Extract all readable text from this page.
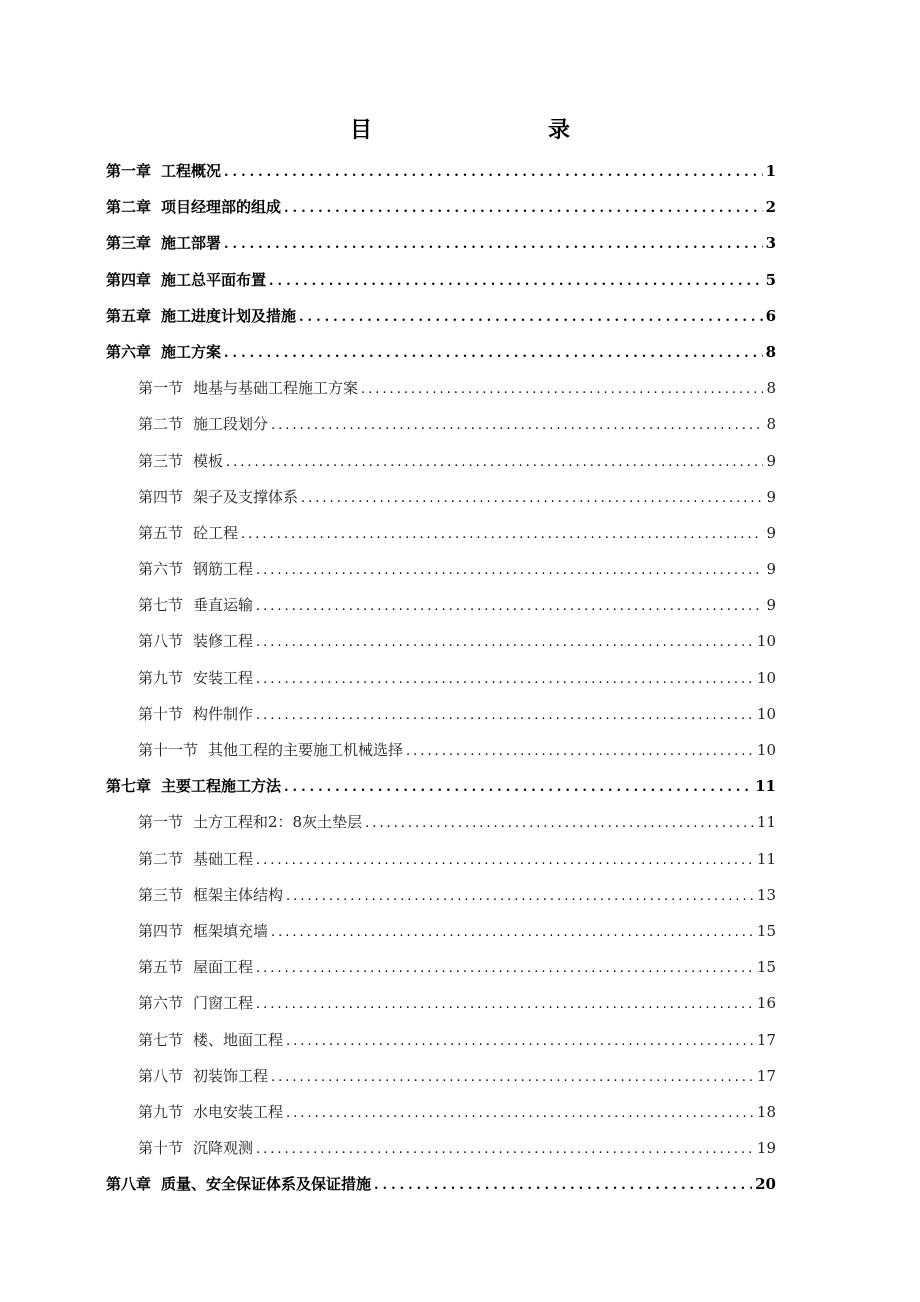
目　　录
第一章 工程概况 .....	1
第二章 项目经理部的组成 .....	2
第三章 施工部署 .....	3
第四章 施工总平面布置 .....	5
第五章 施工进度计划及措施 .....	6
第六章 施工方案 .....	8
第一节 地基与基础工程施工方案 .....	8
第二节 施工段划分 .....	8
第三节 模板 .....	9
第四节 架子及支撑体系 .....	9
第五节 砼工程 .....	9
第六节 钢筋工程 .....	9
第七节 垂直运输 .....	9
第八节 装修工程 .....	10
第九节 安装工程 .....	10
第十节 构件制作 .....	10
第十一节 其他工程的主要施工机械选择 .....	10
第七章 主要工程施工方法 .....	11
第一节 土方工程和2：8灰土垫层 .....	11
第二节 基础工程 .....	11
第三节 框架主体结构 .....	13
第四节 框架填充墙 .....	15
第五节 屋面工程 .....	15
第六节 门窗工程 .....	16
第七节 楼、地面工程 .....	17
第八节 初装饰工程 .....	17
第九节 水电安装工程 .....	18
第十节 沉降观测 .....	19
第八章 质量、安全保证体系及保证措施 .....	20
